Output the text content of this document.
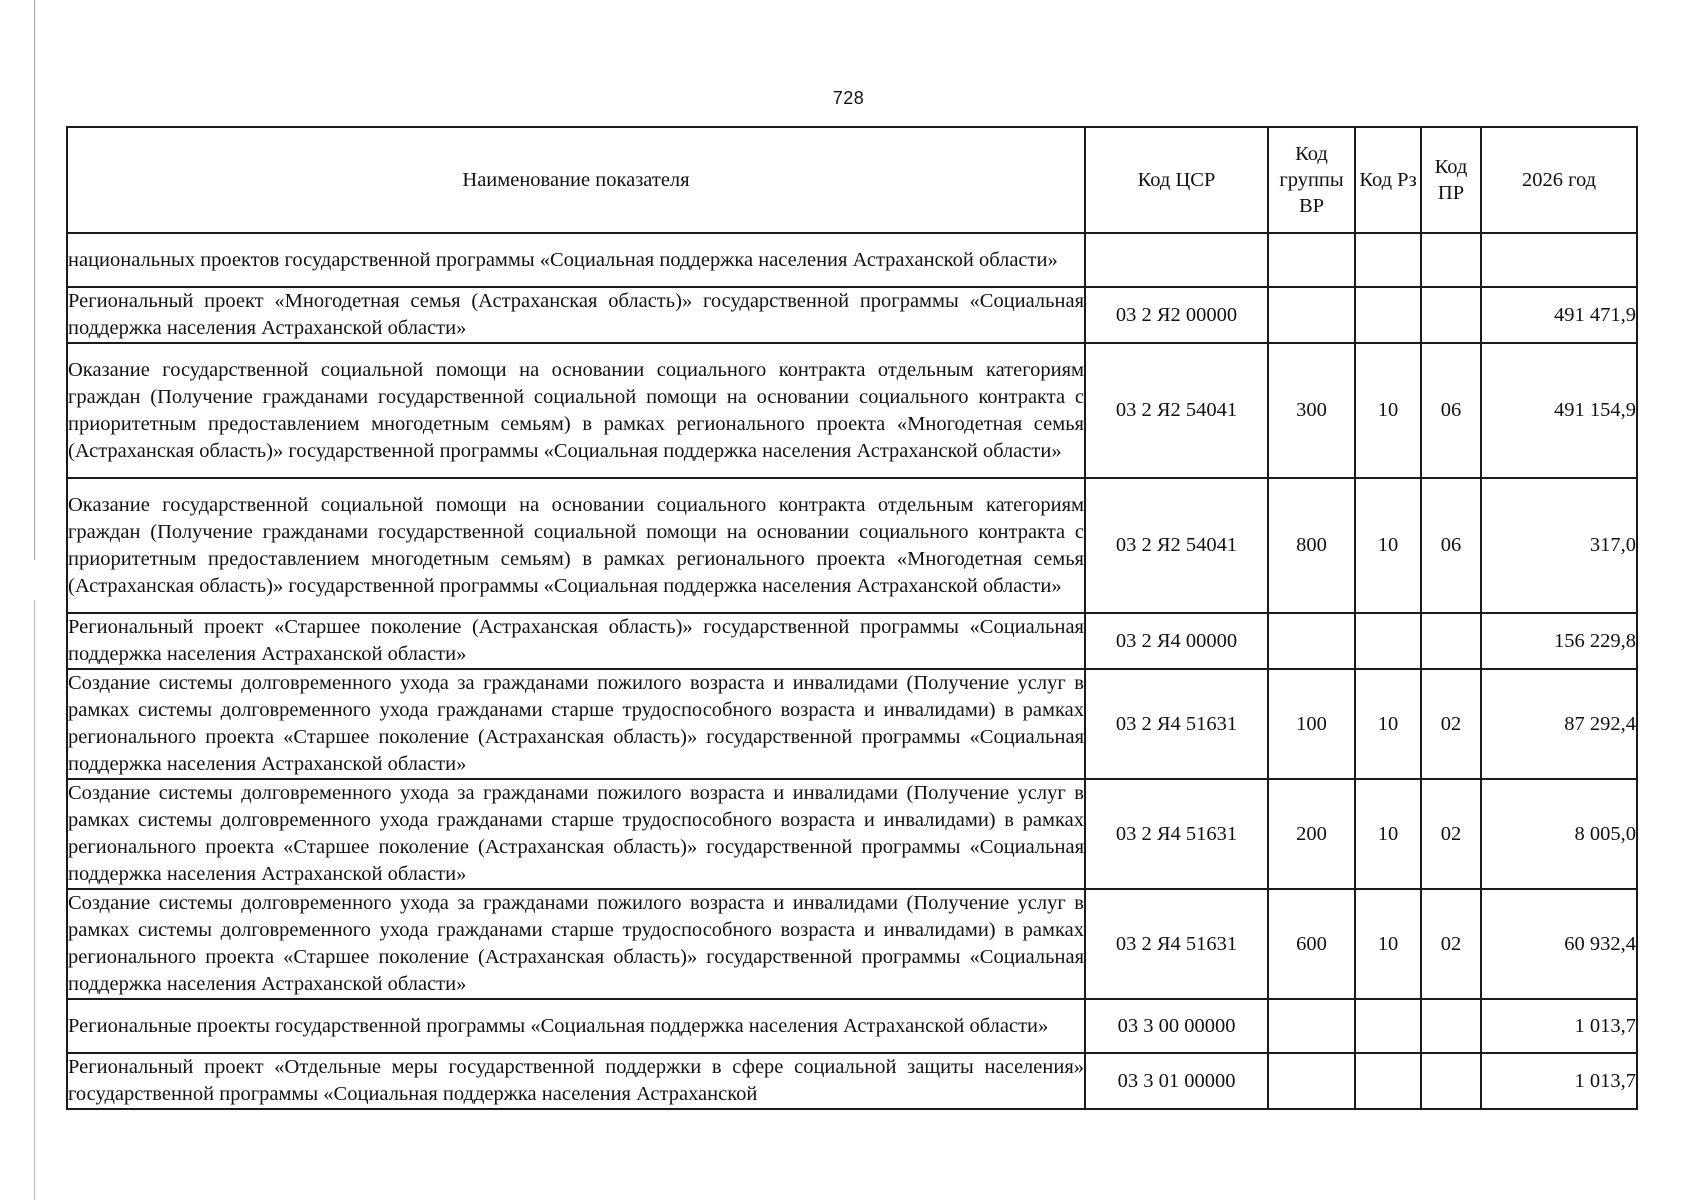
728
Наименование показателя	Код ЦСР	Код группы ВР	Код Рз	Код ПР	2026 год
национальных проектов государственной программы «Социальная поддержка населения Астраханской области»					
Региональный проект «Многодетная семья (Астраханская область)» государственной программы «Социальная поддержка населения Астраханской области»	03 2 Я2 00000				491 471,9
Оказание государственной социальной помощи на основании социального контракта отдельным категориям граждан (Получение гражданами государственной социальной помощи на основании социального контракта с приоритетным предоставлением многодетным семьям) в рамках регионального проекта «Многодетная семья (Астраханская область)» государственной программы «Социальная поддержка населения Астраханской области»	03 2 Я2 54041	300	10	06	491 154,9
Оказание государственной социальной помощи на основании социального контракта отдельным категориям граждан (Получение гражданами государственной социальной помощи на основании социального контракта с приоритетным предоставлением многодетным семьям) в рамках регионального проекта «Многодетная семья (Астраханская область)» государственной программы «Социальная поддержка населения Астраханской области»	03 2 Я2 54041	800	10	06	317,0
Региональный проект «Старшее поколение (Астраханская область)» государственной программы «Социальная поддержка населения Астраханской области»	03 2 Я4 00000				156 229,8
Создание системы долговременного ухода за гражданами пожилого возраста и инвалидами (Получение услуг в рамках системы долговременного ухода гражданами старше трудоспособного возраста и инвалидами) в рамках регионального проекта «Старшее поколение (Астраханская область)» государственной программы «Социальная поддержка населения Астраханской области»	03 2 Я4 51631	100	10	02	87 292,4
Создание системы долговременного ухода за гражданами пожилого возраста и инвалидами (Получение услуг в рамках системы долговременного ухода гражданами старше трудоспособного возраста и инвалидами) в рамках регионального проекта «Старшее поколение (Астраханская область)» государственной программы «Социальная поддержка населения Астраханской области»	03 2 Я4 51631	200	10	02	8 005,0
Создание системы долговременного ухода за гражданами пожилого возраста и инвалидами (Получение услуг в рамках системы долговременного ухода гражданами старше трудоспособного возраста и инвалидами) в рамках регионального проекта «Старшее поколение (Астраханская область)» государственной программы «Социальная поддержка населения Астраханской области»	03 2 Я4 51631	600	10	02	60 932,4
Региональные проекты государственной программы «Социальная поддержка населения Астраханской области»	03 3 00 00000				1 013,7
Региональный проект «Отдельные меры государственной поддержки в сфере социальной защиты населения» государственной программы «Социальная поддержка населения Астраханской	03 3 01 00000				1 013,7
